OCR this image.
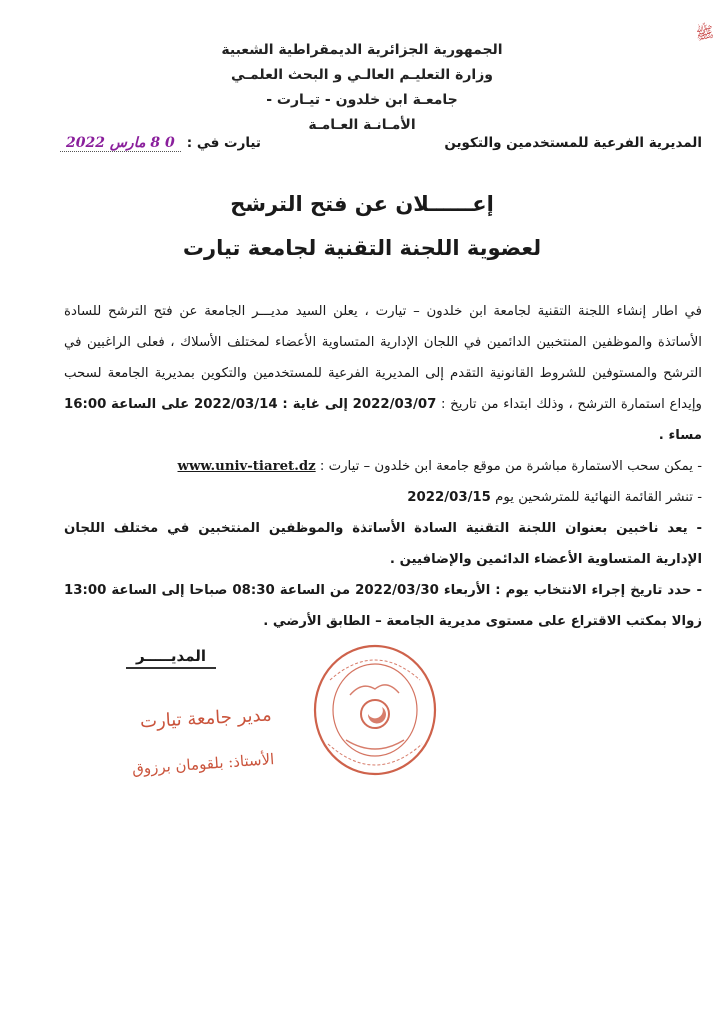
ﷺ
الجمهورية الجزائرية الديمقراطية الشعبية
وزارة التعليـم العالـي و البحث العلمـي
جامعـة ابن خلدون - تيـارت -
الأمـانـة العـامـة
المديرية الفرعية للمستخدمين والتكوين
تيارت في :
0 8 مارس 2022
إعــــــلان عن فتح الترشح
لعضوية اللجنة التقنية لجامعة تيارت

في اطار إنشاء اللجنة التقنية لجامعة ابن خلدون – تيارت ، يعلن السيد مديـــر الجامعة عن فتح الترشح للسادة الأساتذة والموظفين المنتخبين الدائمين في اللجان الإدارية المتساوية الأعضاء لمختلف الأسلاك ، فعلى الراغبين في الترشح والمستوفين للشروط القانونية التقدم إلى المديرية الفرعية للمستخدمين والتكوين بمديرية الجامعة لسحب وإيداع استمارة الترشح ، وذلك ابتداء من تاريخ : 2022/03/07 إلى غاية : 2022/03/14 على الساعة 16:00 مساء .

- يمكن سحب الاستمارة مباشرة من موقع جامعة ابن خلدون – تيارت : www.univ-tiaret.dz

- تنشر القائمة النهائية للمترشحين يوم 2022/03/15

- يعد ناخبين بعنوان اللجنة التقنية السادة الأساتذة والموظفين المنتخبين في مختلف اللجان الإدارية المتساوية الأعضاء الدائمين والإضافيين .

- حدد تاريخ إجراء الانتخاب يوم : الأربعاء 2022/03/30 من الساعة 08:30 صباحا إلى الساعة 13:00 زوالا بمكتب الاقتراع على مستوى مديرية الجامعة – الطابق الأرضي .

المديـــــر
مدير جامعة تيارت
الأستاذ: بلقومان برزوق
